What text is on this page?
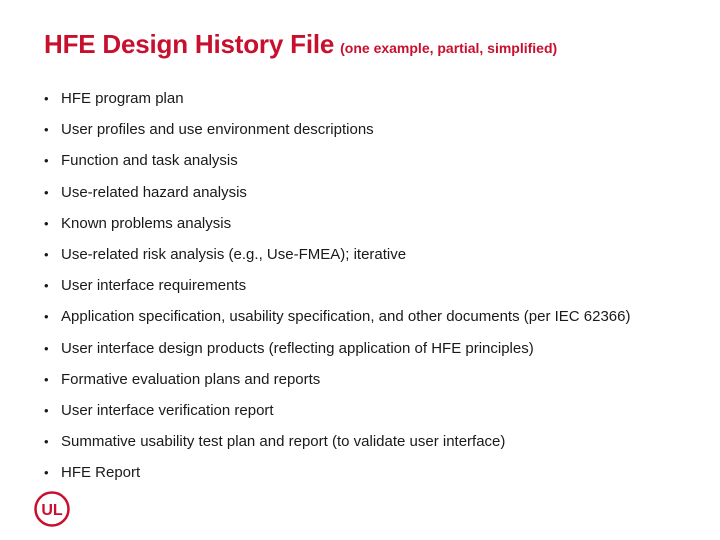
HFE Design History File (one example, partial, simplified)
• HFE program plan
• User profiles and use environment descriptions
• Function and task analysis
• Use-related hazard analysis
• Known problems analysis
• Use-related risk analysis (e.g., Use-FMEA); iterative
• User interface requirements
• Application specification, usability specification, and other documents (per IEC 62366)
• User interface design products (reflecting application of HFE principles)
• Formative evaluation plans and reports
• User interface verification report
• Summative usability test plan and report (to validate user interface)
• HFE Report
UL
